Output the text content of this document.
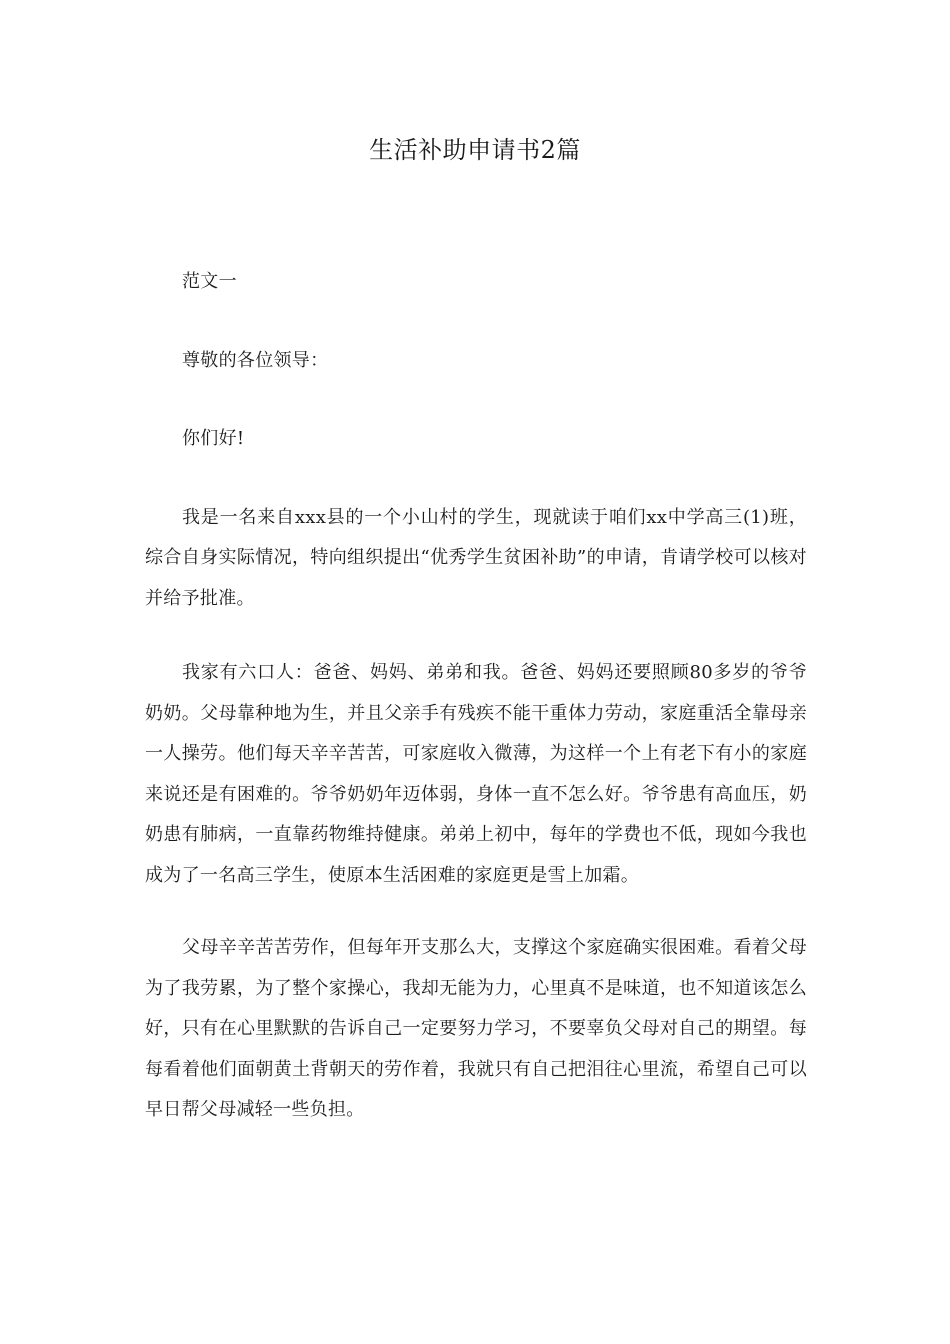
生活补助申请书2篇

范文一

尊敬的各位领导：

你们好!

我是一名来自xxx县的一个小山村的学生，现就读于咱们xx中学高三(1)班，综合自身实际情况，特向组织提出“优秀学生贫困补助”的申请，肯请学校可以核对并给予批准。

我家有六口人：爸爸、妈妈、弟弟和我。爸爸、妈妈还要照顾80多岁的爷爷奶奶。父母靠种地为生，并且父亲手有残疾不能干重体力劳动，家庭重活全靠母亲一人操劳。他们每天辛辛苦苦，可家庭收入微薄，为这样一个上有老下有小的家庭来说还是有困难的。爷爷奶奶年迈体弱，身体一直不怎么好。爷爷患有高血压，奶奶患有肺病，一直靠药物维持健康。弟弟上初中，每年的学费也不低，现如今我也成为了一名高三学生，使原本生活困难的家庭更是雪上加霜。

父母辛辛苦苦劳作，但每年开支那么大，支撑这个家庭确实很困难。看着父母为了我劳累，为了整个家操心，我却无能为力，心里真不是味道，也不知道该怎么好，只有在心里默默的告诉自己一定要努力学习，不要辜负父母对自己的期望。每每看着他们面朝黄土背朝天的劳作着，我就只有自己把泪往心里流，希望自己可以早日帮父母减轻一些负担。
